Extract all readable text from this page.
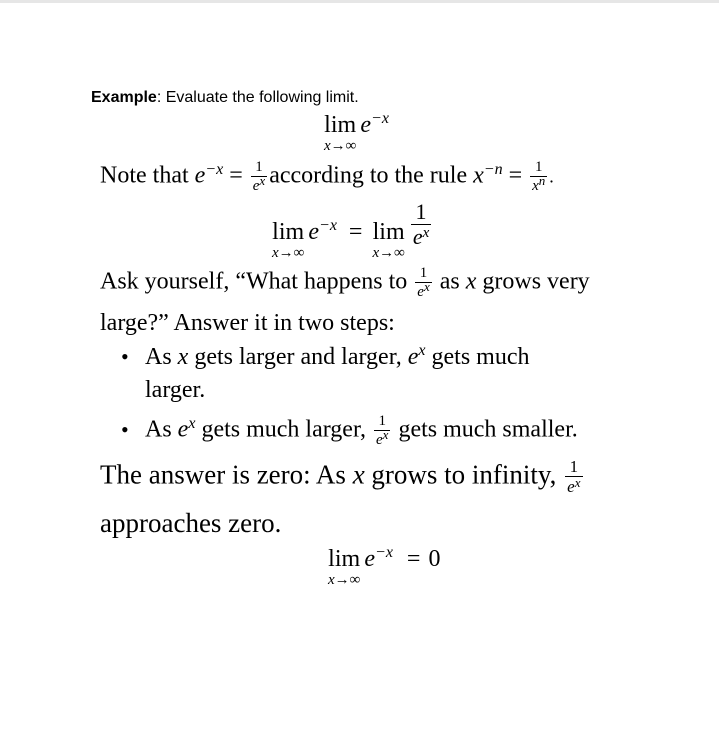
Example: Evaluate the following limit.
lim
x→∞
$e^{-x}$
Note that $e^{-x} = \frac{1}{ex}$ according to the rule $x^{-n} = \frac{1}{xn}$ .
lim
x→∞
$e^{-x} = \lim$
x→∞

$\frac{1}{e^x}$
Ask yourself, “What happens to $\frac{1}{ex}$ as x grows very
large?” Answer it in two steps:
• As x gets larger and larger, $e^x$ gets much
larger.
• As $e^x$ gets much larger, $\frac{1}{ex}$ gets much smaller.
The answer is zero: As x grows to infinity, $\frac{1}{e^x}$
approaches zero.
lim
x→∞
$e^{-x} = 0$
